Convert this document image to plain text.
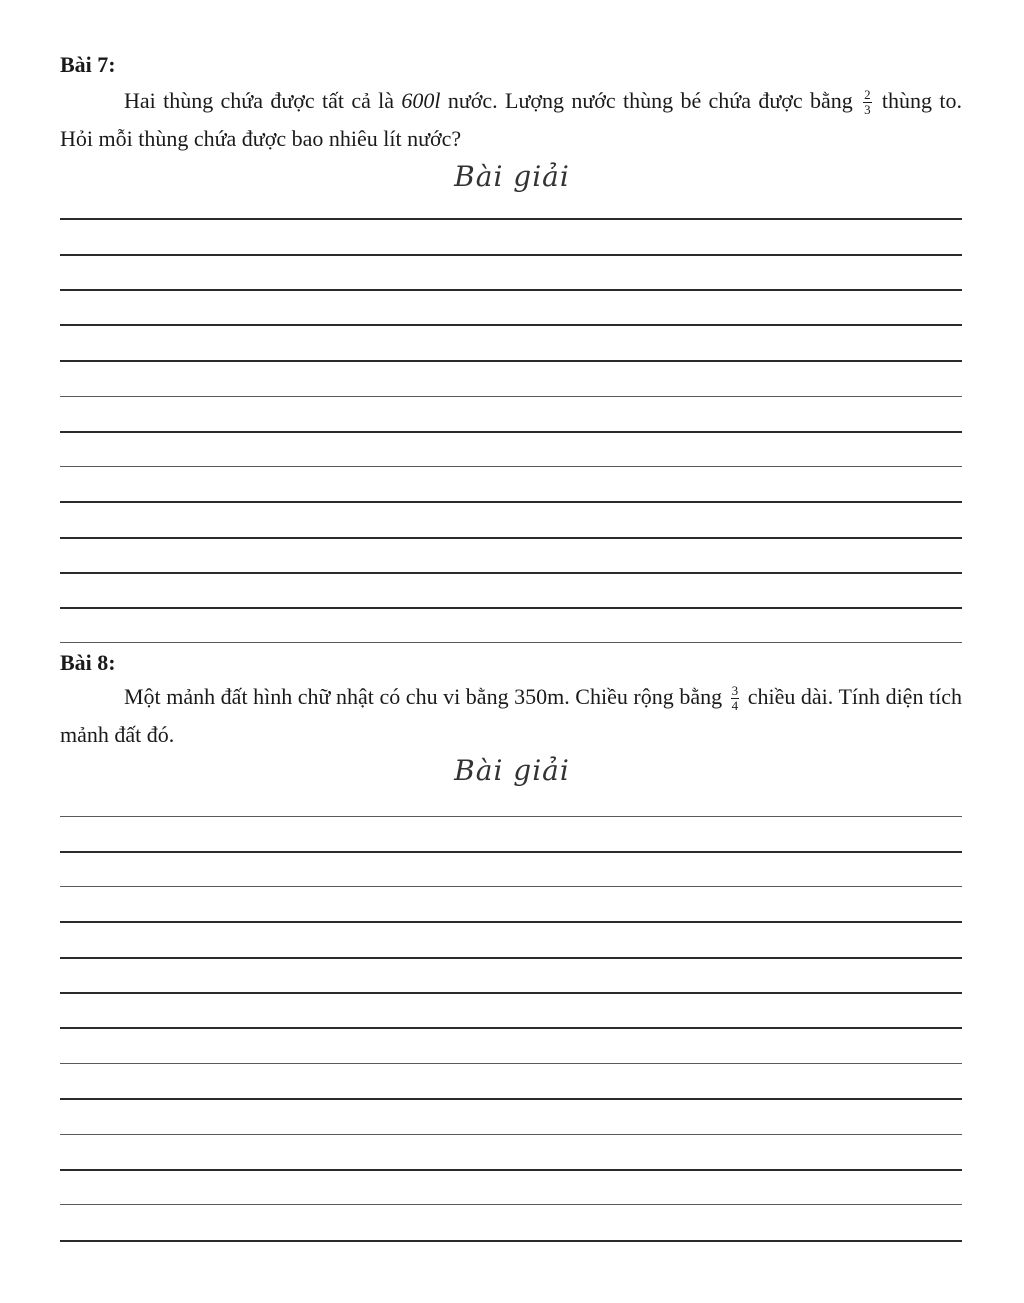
Bài 7:

Hai thùng chứa được tất cả là 600l nước. Lượng nước thùng bé chứa được bằng $\frac{2}{3}$ thùng to. Hỏi mỗi thùng chứa được bao nhiêu lít nước?

Bài giải
Bài 8:

Một mảnh đất hình chữ nhật có chu vi bằng 350m. Chiều rộng bằng $\frac{3}{4}$ chiều dài. Tính diện tích mảnh đất đó.

Bài giải
